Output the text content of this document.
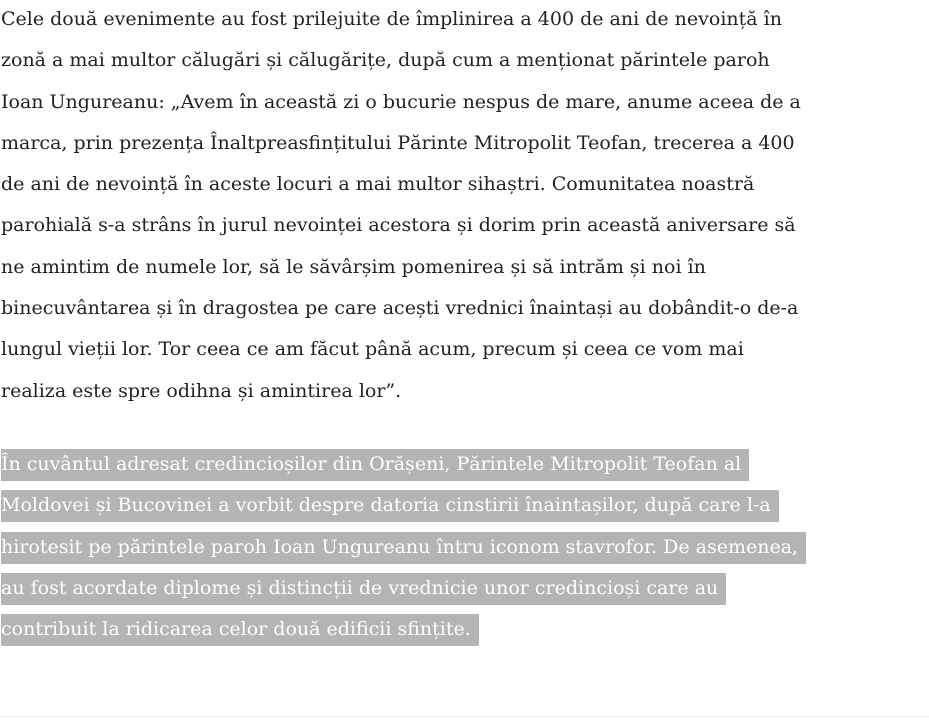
Cele două evenimente au fost prilejuite de împlinirea a 400 de ani de nevoință în
zonă a mai multor călugări și călugărițe, după cum a menționat părintele paroh
Ioan Ungureanu: „Avem în această zi o bucurie nespus de mare, anume aceea de a
marca, prin prezența Înaltpreasfințitului Părinte Mitropolit Teofan, trecerea a 400
de ani de nevoință în aceste locuri a mai multor sihaștri. Comunitatea noastră
parohială s-a strâns în jurul nevoinței acestora și dorim prin această aniversare să
ne amintim de numele lor, să le săvârșim pomenirea și să intrăm și noi în
binecuvântarea și în dragostea pe care acești vrednici înaintași au dobândit-o de-a
lungul vieții lor. Tor ceea ce am făcut până acum, precum și ceea ce vom mai
realiza este spre odihna și amintirea lor”.

În cuvântul adresat credincioșilor din Orășeni, Părintele Mitropolit Teofan al
Moldovei și Bucovinei a vorbit despre datoria cinstirii înaintașilor, după care l-a
hirotesit pe părintele paroh Ioan Ungureanu întru iconom stavrofor. De asemenea,
au fost acordate diplome și distincții de vrednicie unor credincioși care au
contribuit la ridicarea celor două edificii sfințite.
